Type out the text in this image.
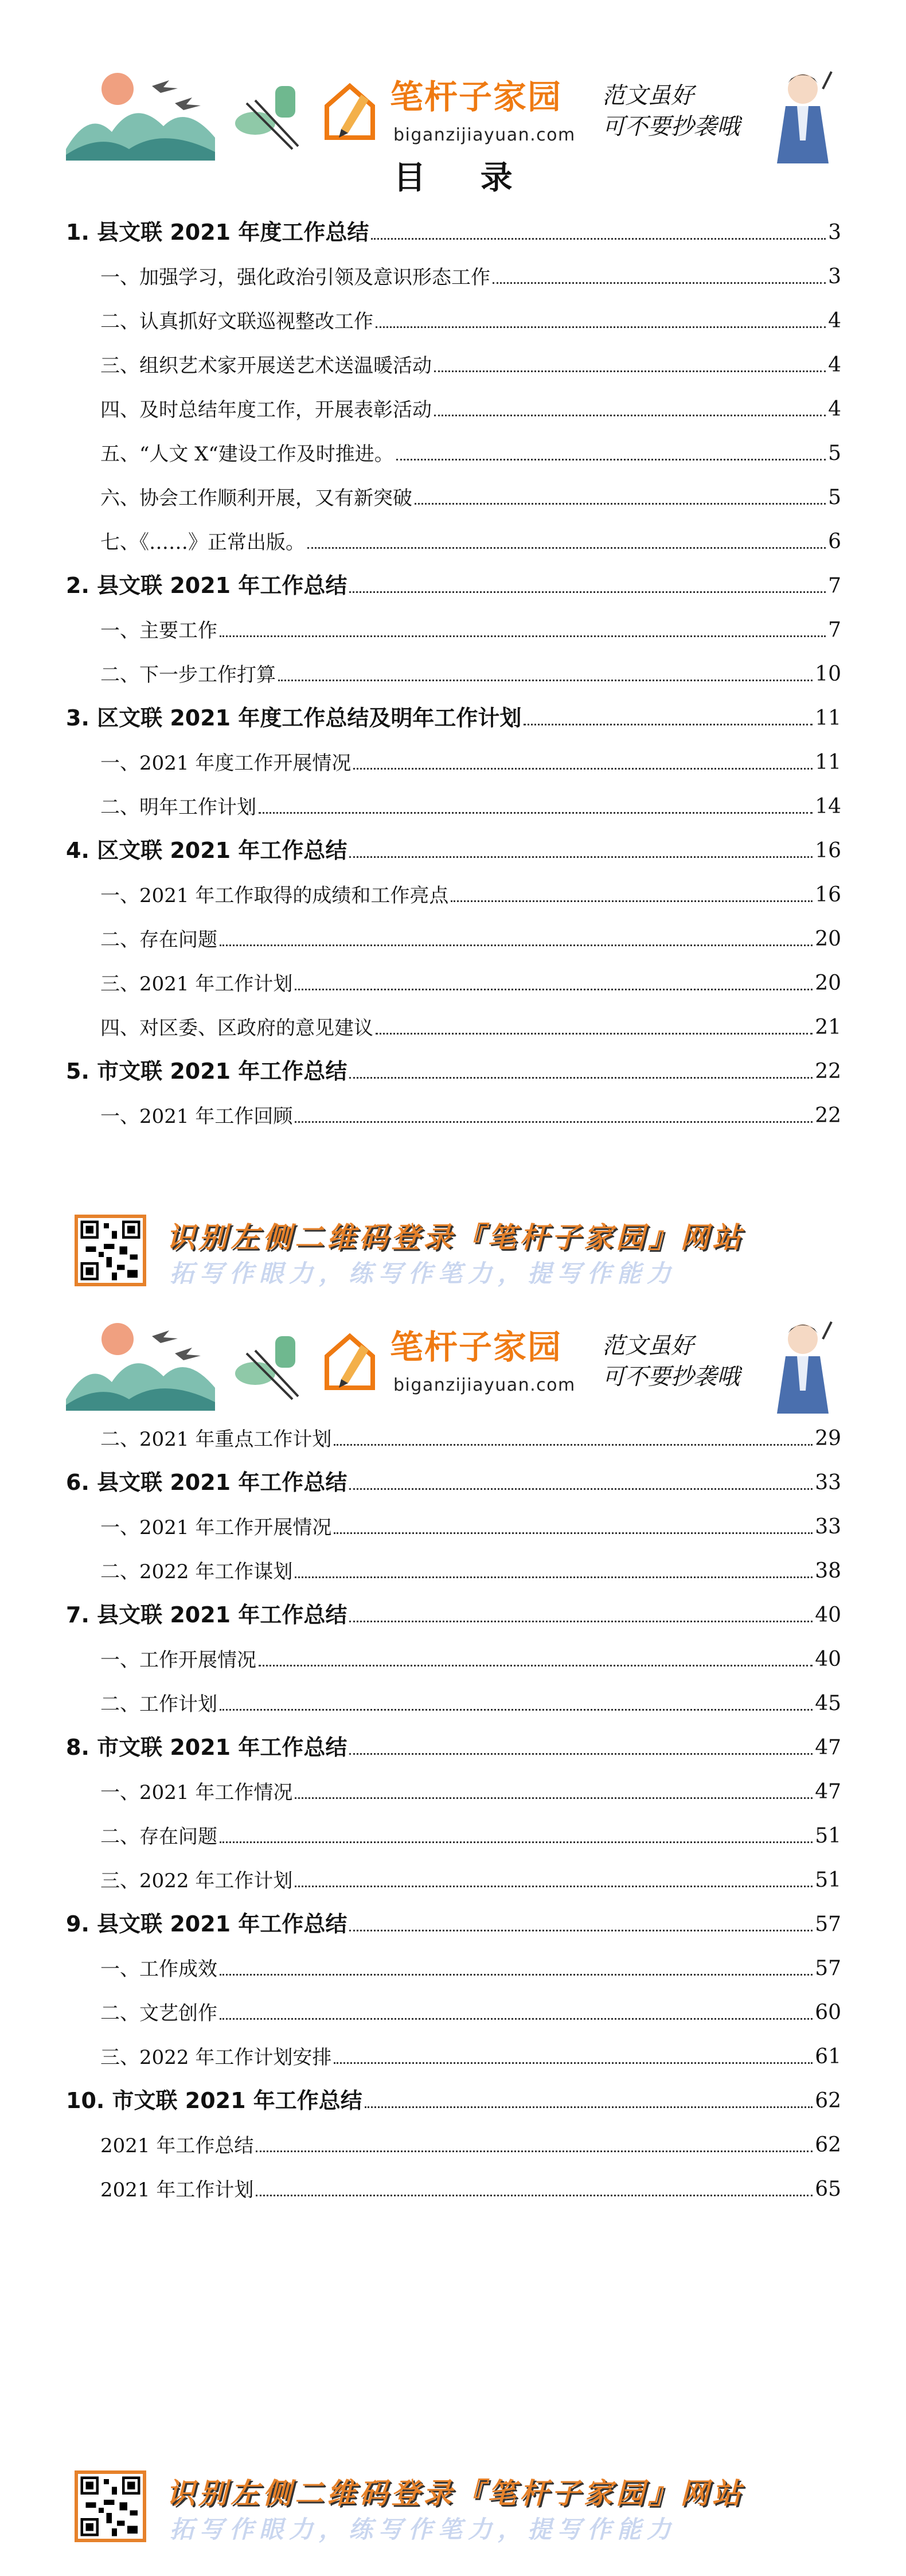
笔杆子家园
biganzijiayuan.com
范文虽好
可不要抄袭哦
目 录
1. 县文联 2021 年度工作总结	3
一、加强学习，强化政治引领及意识形态工作	3
二、认真抓好文联巡视整改工作	4
三、组织艺术家开展送艺术送温暖活动	4
四、及时总结年度工作，开展表彰活动	4
五、“人文 X“建设工作及时推进。	5
六、协会工作顺利开展，又有新突破	5
七、《……》正常出版。	6
2. 县文联 2021 年工作总结	7
一、主要工作	7
二、下一步工作打算	10
3. 区文联 2021 年度工作总结及明年工作计划	11
一、2021 年度工作开展情况	11
二、明年工作计划	14
4. 区文联 2021 年工作总结	16
一、2021 年工作取得的成绩和工作亮点	16
二、存在问题	20
三、2021 年工作计划	20
四、对区委、区政府的意见建议	21
5. 市文联 2021 年工作总结	22
一、2021 年工作回顾	22
识别左侧二维码登录『笔杆子家园』网站
拓写作眼力，练写作笔力，提写作能力
笔杆子家园
biganzijiayuan.com
范文虽好
可不要抄袭哦
二、2021 年重点工作计划	29
6. 县文联 2021 年工作总结	33
一、2021 年工作开展情况	33
二、2022 年工作谋划	38
7. 县文联 2021 年工作总结	40
一、工作开展情况	40
二、工作计划	45
8. 市文联 2021 年工作总结	47
一、2021 年工作情况	47
二、存在问题	51
三、2022 年工作计划	51
9. 县文联 2021 年工作总结	57
一、工作成效	57
二、文艺创作	60
三、2022 年工作计划安排	61
10. 市文联 2021 年工作总结	62
2021 年工作总结	62
2021 年工作计划	65
识别左侧二维码登录『笔杆子家园』网站
拓写作眼力，练写作笔力，提写作能力
